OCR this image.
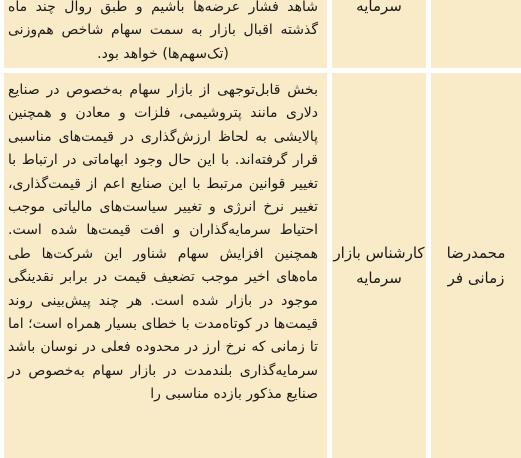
سرمایه
شاهد فشار عرضه‌ها باشیم و طبق روال چند ماه گذشته اقبال بازار به سمت سهام شاخص هم‌وزنی (تک‌سهم‌ها) خواهد بود.
محمدرضا زمانی فر
کارشناس بازار سرمایه
بخش قابل‌توجهی از بازار سهام به‌خصوص در صنایع دلاری مانند پتروشیمی، فلزات و معادن و همچنین پالایشی به لحاظ ارزش‌گذاری در قیمت‌های مناسبی قرار گرفته‌اند. با این حال وجود ابهاماتی در ارتباط با تغییر قوانین مرتبط با این صنایع اعم از قیمت‌گذاری، تغییر نرخ انرژی و تغییر سیاست‌های مالیاتی موجب احتیاط سرمایه‌گذاران و افت قیمت‌ها شده است. همچنین افزایش سهام شناور این شرکت‌ها طی ماه‌های اخیر موجب تضعیف قیمت در برابر نقدینگی موجود در بازار شده است. هر چند پیش‌بینی روند قیمت‌ها در کوتاه‌مدت با خطای بسیار همراه است؛ اما تا زمانی که نرخ ارز در محدوده فعلی در نوسان باشد سرمایه‌گذاری بلندمدت در بازار سهام به‌خصوص در صنایع مذکور بازده مناسبی را
